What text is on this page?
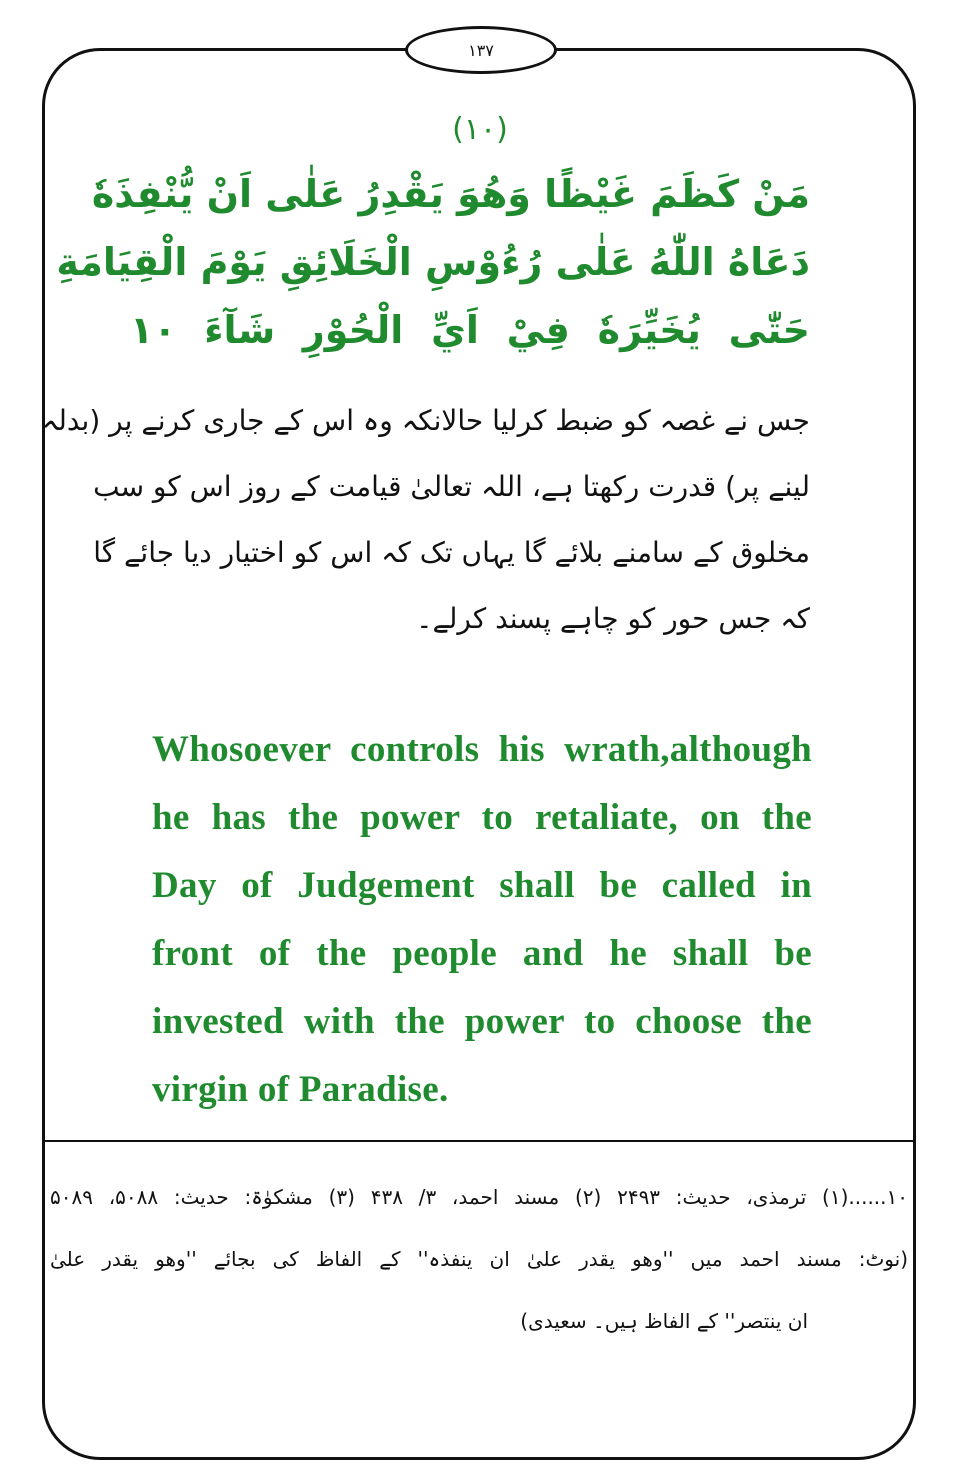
۱۳۷
(۱۰)
مَنْ كَظَمَ غَيْظًا وَهُوَ يَقْدِرُ عَلٰى اَنْ يُّنْفِذَهٗ
دَعَاهُ اللّٰهُ عَلٰى رُءُوْسِ الْخَلَائِقِ يَوْمَ الْقِيَامَةِ
حَتّٰى يُخَيِّرَهٗ فِيْ اَيِّ الْحُوْرِ شَآءَ ۱۰
جس نے غصہ کو ضبط کرلیا حالانکہ وہ اس کے جاری کرنے پر (بدلہ
لینے پر) قدرت رکھتا ہے، اللہ تعالیٰ قیامت کے روز اس کو سب
مخلوق کے سامنے بلائے گا یہاں تک کہ اس کو اختیار دیا جائے گا
کہ جس حور کو چاہے پسند کرلے۔
Whosoever controls his wrath,although
he has the power to retaliate, on the
Day of Judgement shall be called in
front of the people and he shall be
invested with the power to choose the
virgin of Paradise.
۱۰......(۱) ترمذی، حدیث: ۲۴۹۳ (۲) مسند احمد، ۳/ ۴۳۸ (۳) مشکوٰۃ: حدیث: ۵۰۸۸، ۵۰۸۹
(نوٹ: مسند احمد میں ''وھو یقدر علیٰ ان ینفذہ'' کے الفاظ کی بجائے ''وھو یقدر علیٰ
ان ینتصر'' کے الفاظ ہیں۔ سعیدی)
